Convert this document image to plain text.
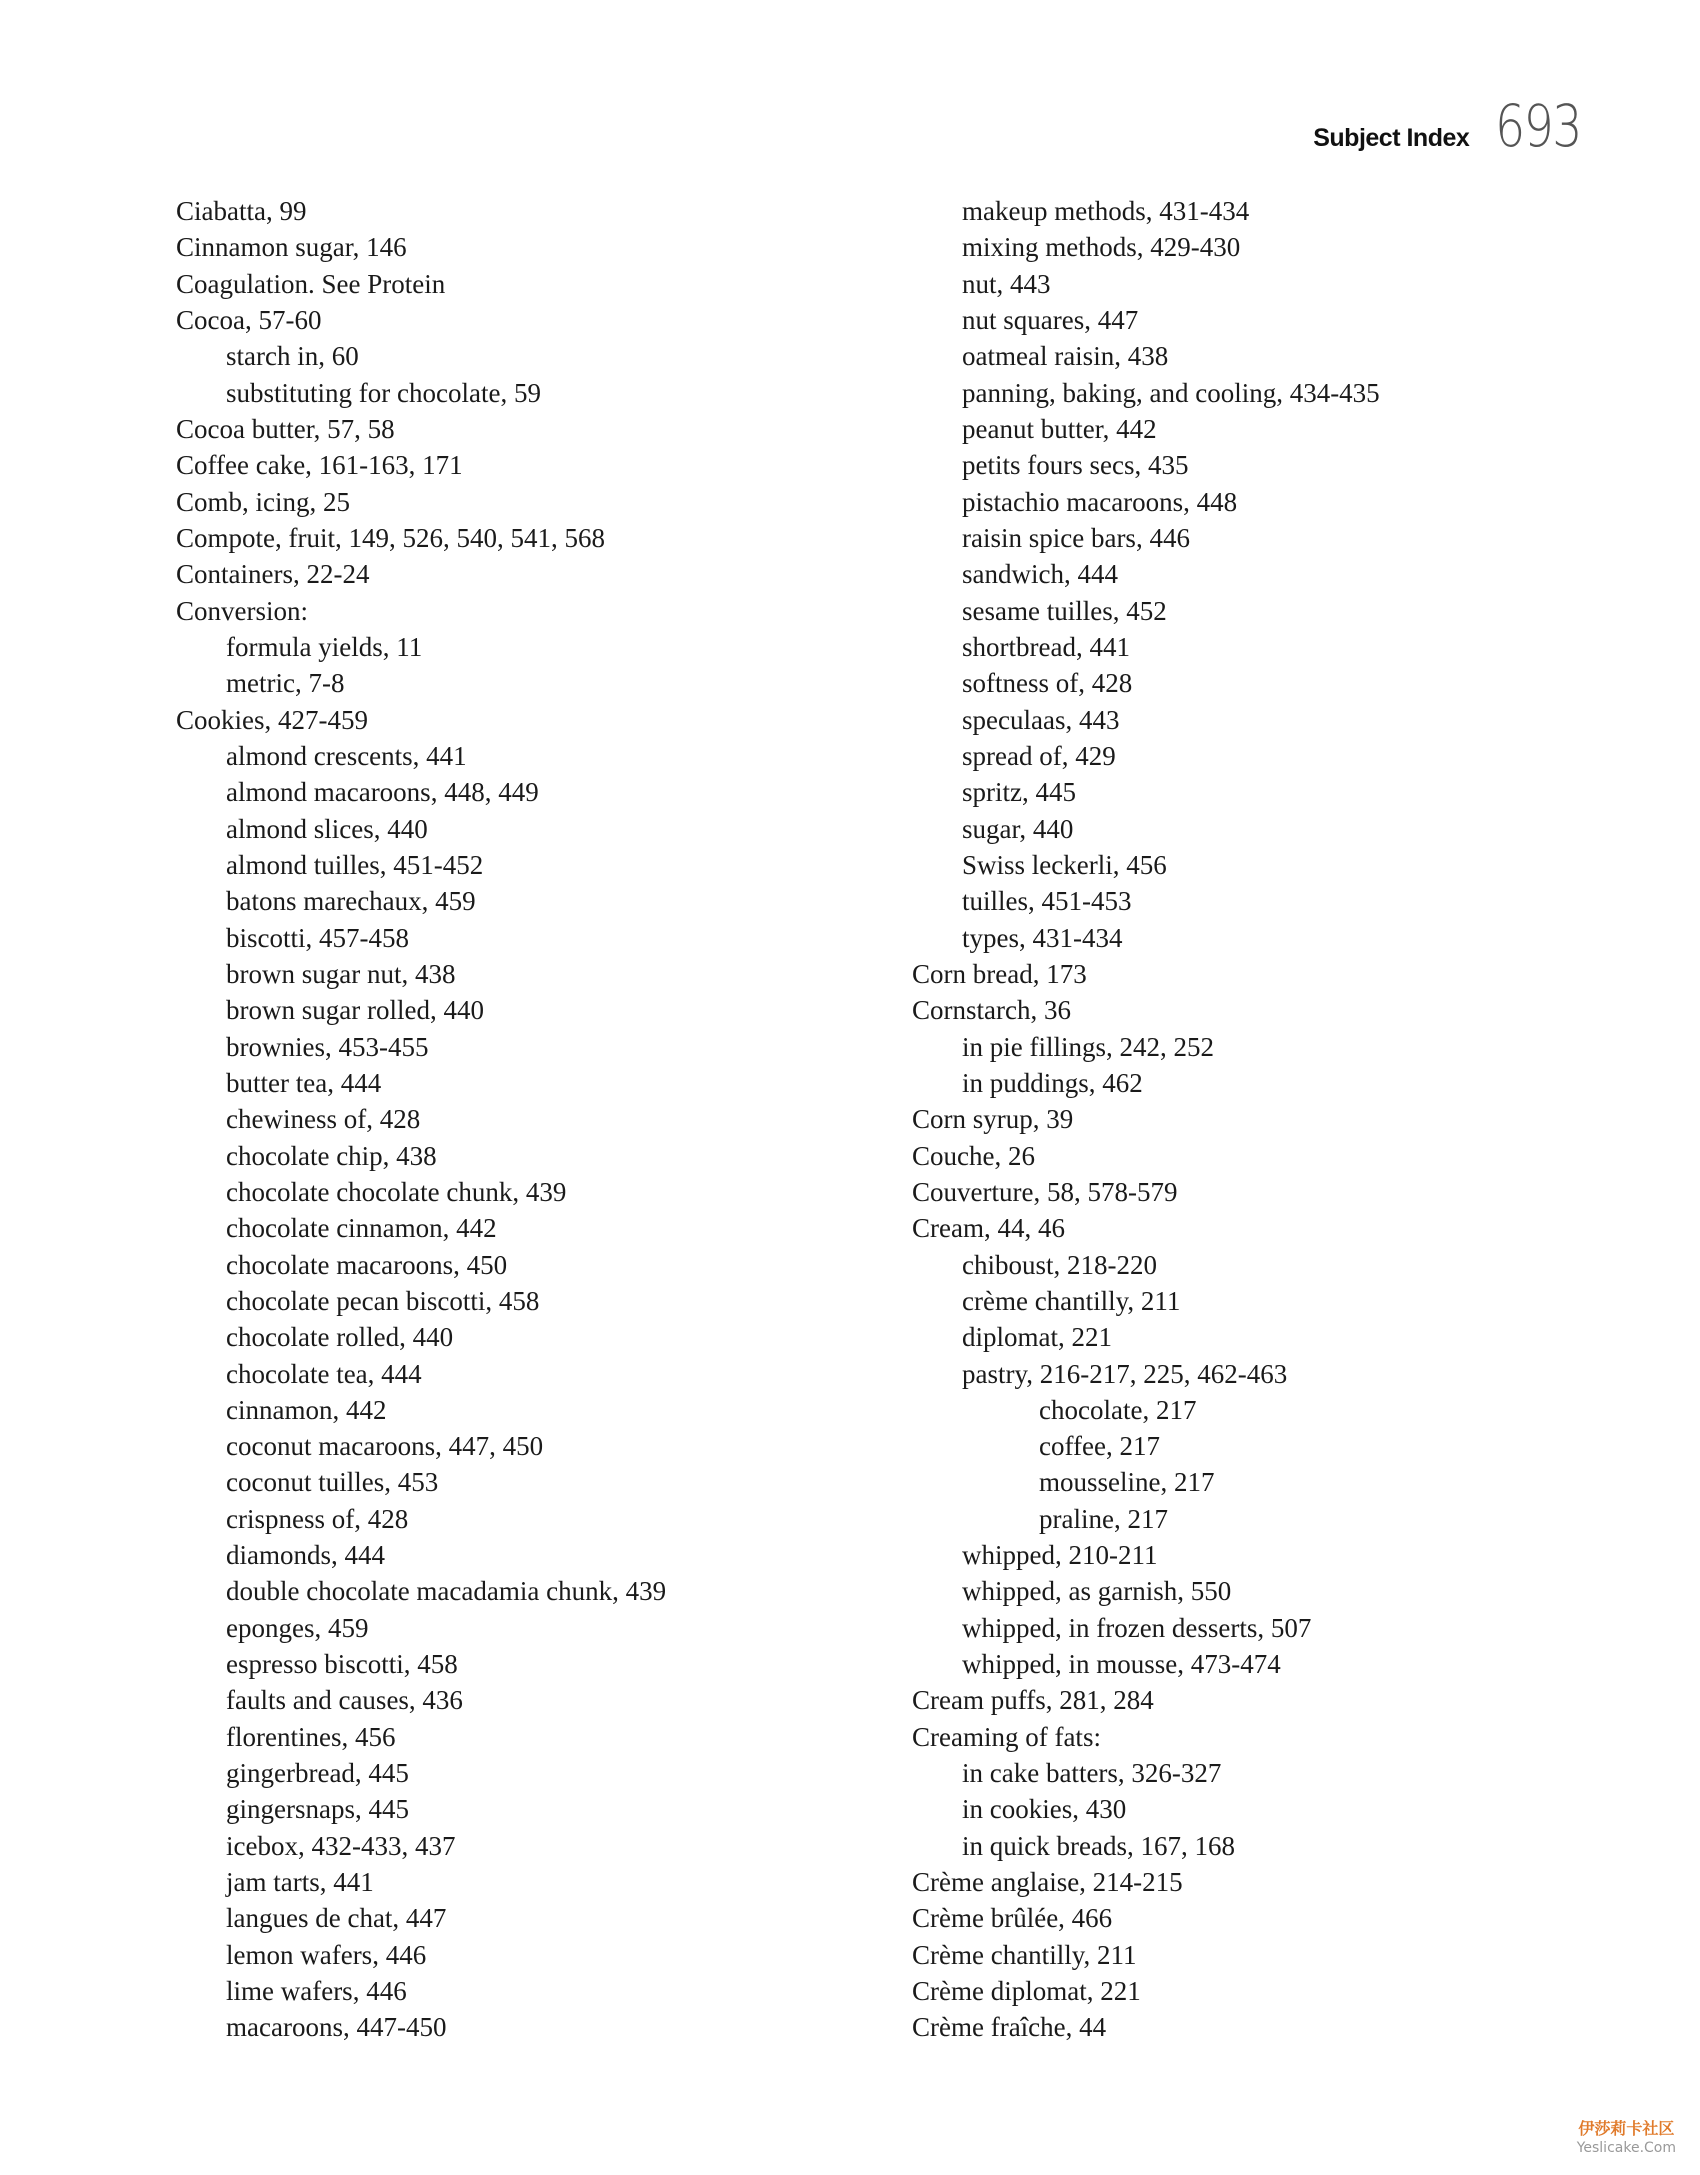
Subject Index 693
Ciabatta, 99
Cinnamon sugar, 146
Coagulation. See Protein
Cocoa, 57-60
starch in, 60
substituting for chocolate, 59
Cocoa butter, 57, 58
Coffee cake, 161-163, 171
Comb, icing, 25
Compote, fruit, 149, 526, 540, 541, 568
Containers, 22-24
Conversion:
formula yields, 11
metric, 7-8
Cookies, 427-459
almond crescents, 441
almond macaroons, 448, 449
almond slices, 440
almond tuilles, 451-452
batons marechaux, 459
biscotti, 457-458
brown sugar nut, 438
brown sugar rolled, 440
brownies, 453-455
butter tea, 444
chewiness of, 428
chocolate chip, 438
chocolate chocolate chunk, 439
chocolate cinnamon, 442
chocolate macaroons, 450
chocolate pecan biscotti, 458
chocolate rolled, 440
chocolate tea, 444
cinnamon, 442
coconut macaroons, 447, 450
coconut tuilles, 453
crispness of, 428
diamonds, 444
double chocolate macadamia chunk, 439
eponges, 459
espresso biscotti, 458
faults and causes, 436
florentines, 456
gingerbread, 445
gingersnaps, 445
icebox, 432-433, 437
jam tarts, 441
langues de chat, 447
lemon wafers, 446
lime wafers, 446
macaroons, 447-450
makeup methods, 431-434
mixing methods, 429-430
nut, 443
nut squares, 447
oatmeal raisin, 438
panning, baking, and cooling, 434-435
peanut butter, 442
petits fours secs, 435
pistachio macaroons, 448
raisin spice bars, 446
sandwich, 444
sesame tuilles, 452
shortbread, 441
softness of, 428
speculaas, 443
spread of, 429
spritz, 445
sugar, 440
Swiss leckerli, 456
tuilles, 451-453
types, 431-434
Corn bread, 173
Cornstarch, 36
in pie fillings, 242, 252
in puddings, 462
Corn syrup, 39
Couche, 26
Couverture, 58, 578-579
Cream, 44, 46
chiboust, 218-220
crème chantilly, 211
diplomat, 221
pastry, 216-217, 225, 462-463
chocolate, 217
coffee, 217
mousseline, 217
praline, 217
whipped, 210-211
whipped, as garnish, 550
whipped, in frozen desserts, 507
whipped, in mousse, 473-474
Cream puffs, 281, 284
Creaming of fats:
in cake batters, 326-327
in cookies, 430
in quick breads, 167, 168
Crème anglaise, 214-215
Crème brûlée, 466
Crème chantilly, 211
Crème diplomat, 221
Crème fraîche, 44
伊莎莉卡社区
Yeslicake.Com
